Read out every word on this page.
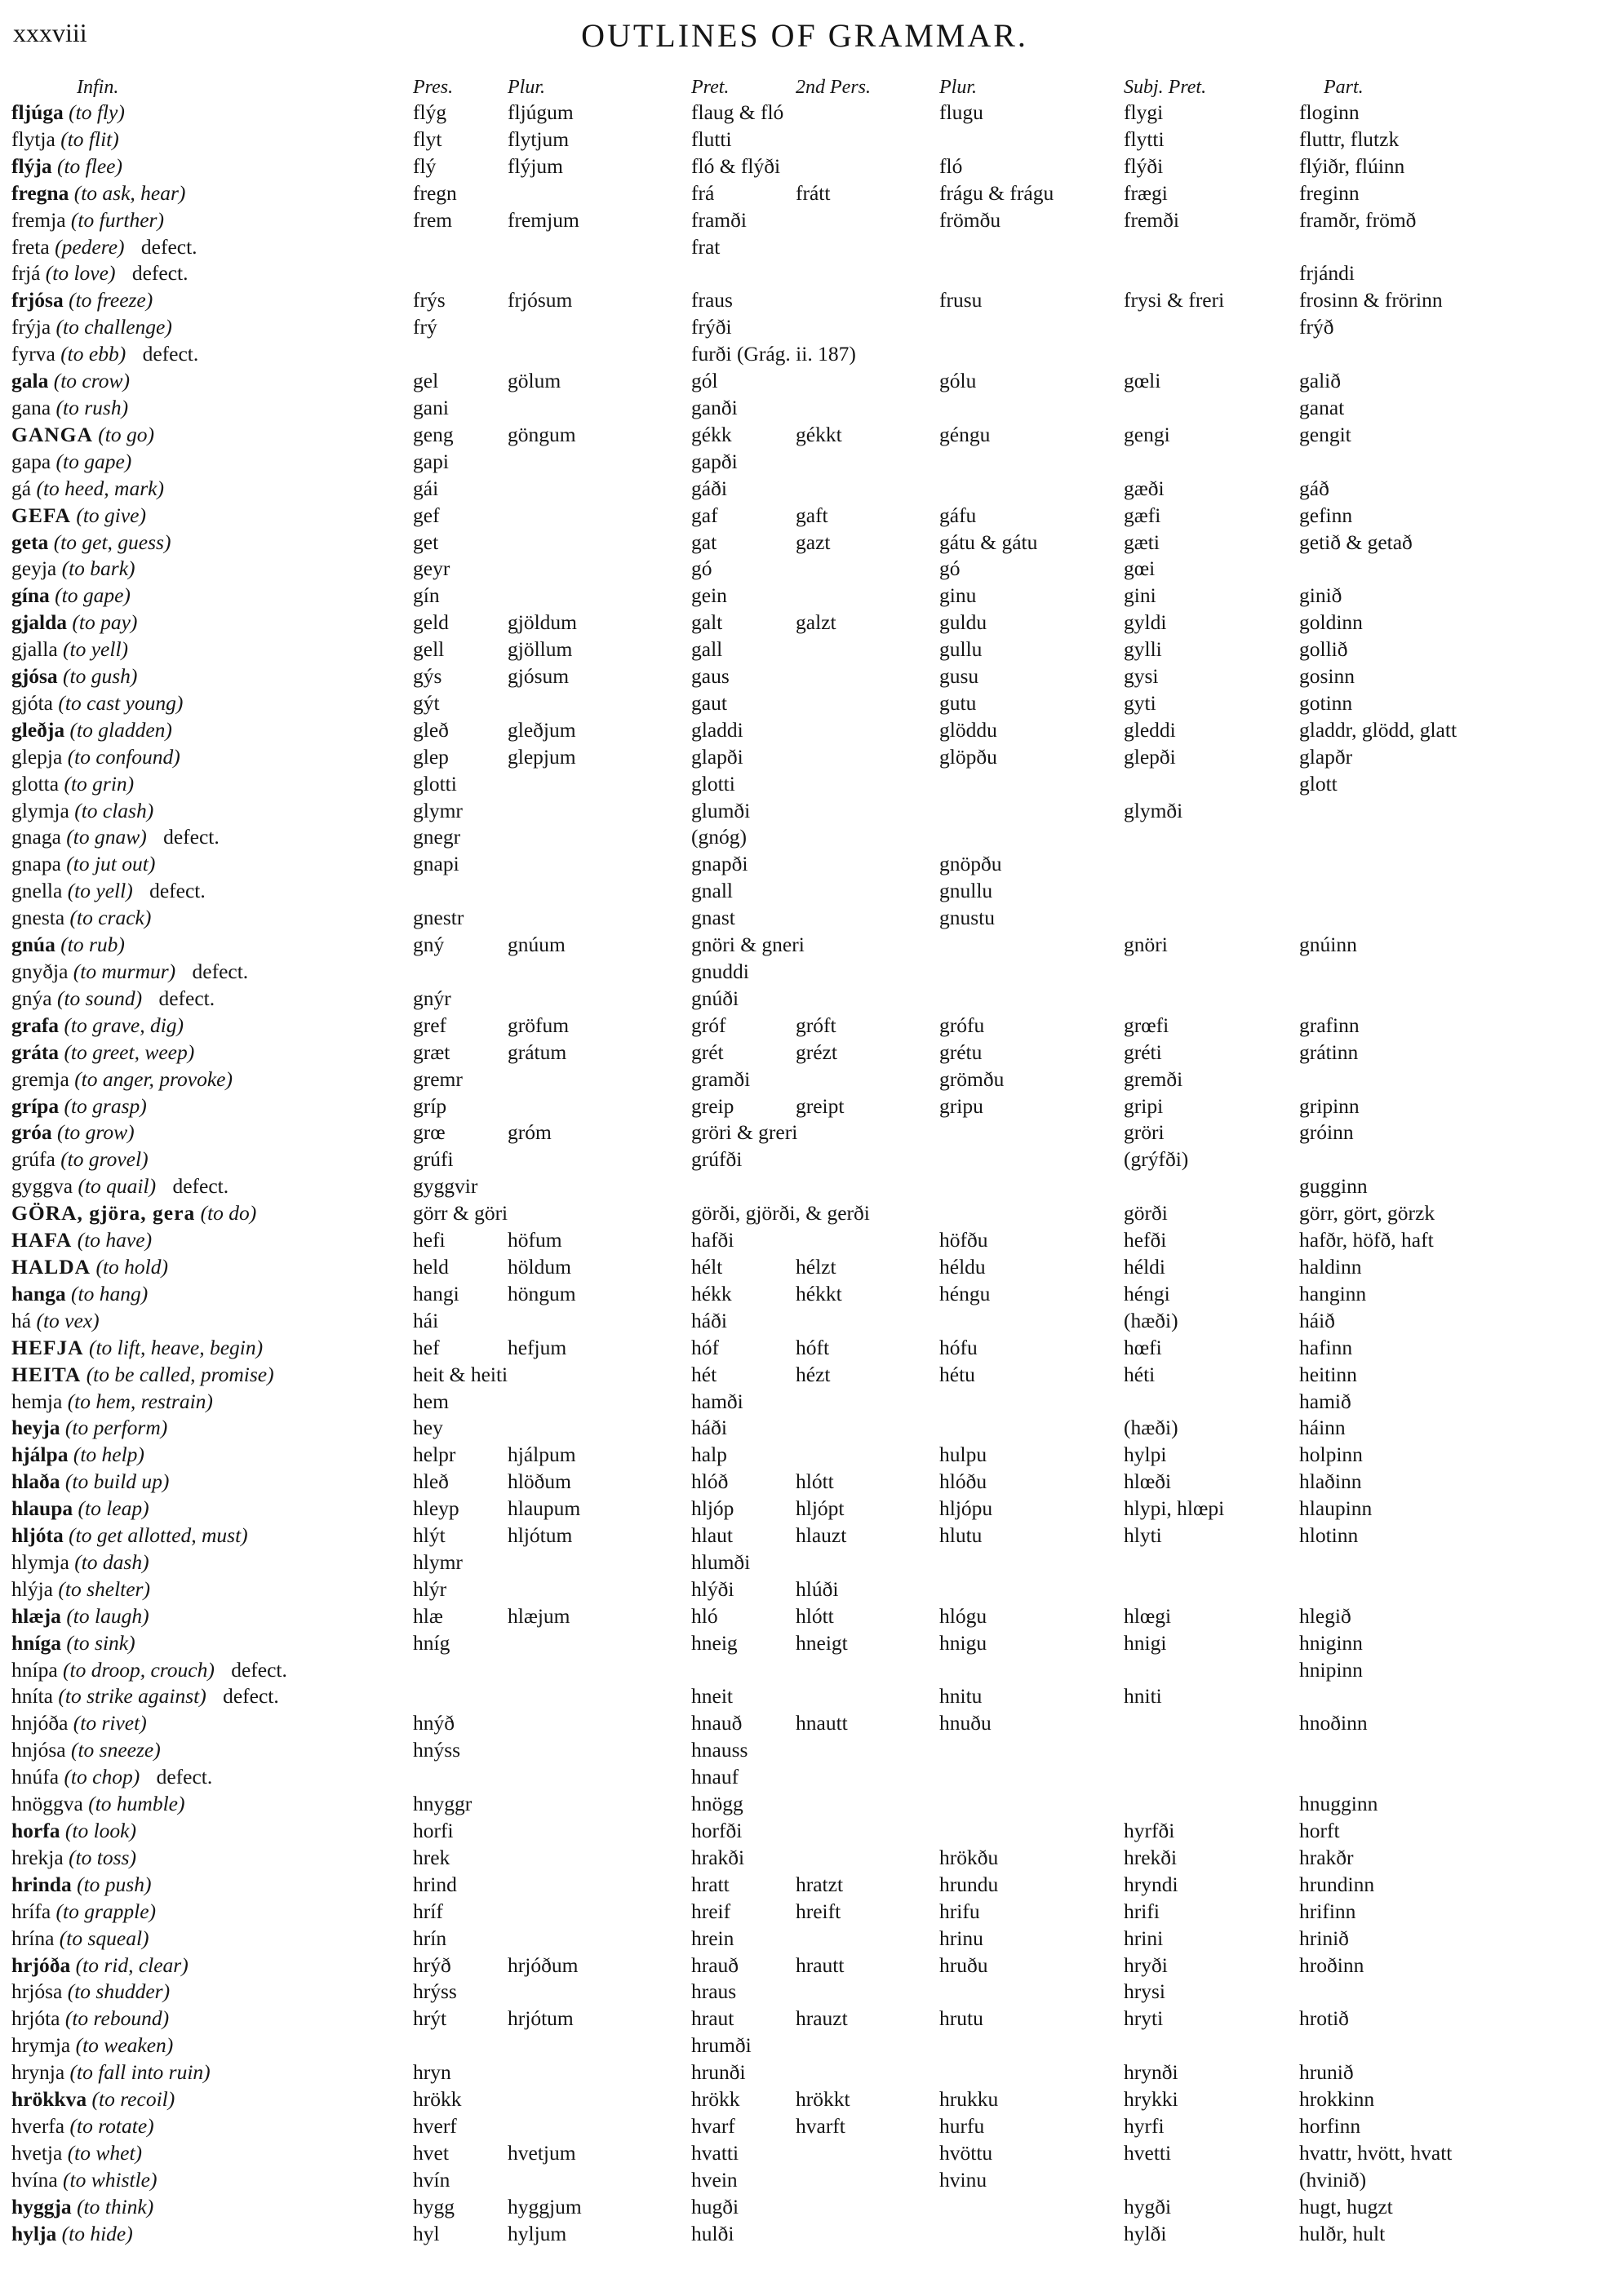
xxxviii	OUTLINES OF GRAMMAR.
Infin.	Pres.	Plur.	Pret.	2nd Pers.	Plur.	Subj. Pret.	Part.
fljúga (to fly)	flýg	fljúgum	flaug & fló		flugu	flygi	floginn
flytja (to flit)	flyt	flytjum	flutti			flytti	fluttr, flutzk
flýja (to flee)	flý	flýjum	fló & flýði		fló	flýði	flýiðr, flúinn
fregna (to ask, hear)	fregn		frá	frátt	frágu & frágu	frægi	freginn
fremja (to further)	frem	fremjum	framði		frömðu	fremði	framðr, frömð
freta (pedere) defect.			frat				
frjá (to love) defect.							frjándi
frjósa (to freeze)	frýs	frjósum	fraus		frusu	frysi & freri	frosinn & frörinn
frýja (to challenge)	frý		frýði				frýð
fyrva (to ebb) defect.			furði (Grág. ii. 187)				
gala (to crow)	gel	gölum	gól		gólu	gœli	galið
gana (to rush)	gani		ganði				ganat
GANGA (to go)	geng	göngum	gékk	gékkt	géngu	gengi	gengit
gapa (to gape)	gapi		gapði				
gá (to heed, mark)	gái		gáði			gæði	gáð
GEFA (to give)	gef		gaf	gaft	gáfu	gæfi	gefinn
geta (to get, guess)	get		gat	gazt	gátu & gátu	gæti	getið & getað
geyja (to bark)	geyr		gó		gó	gœi	
gína (to gape)	gín		gein		ginu	gini	ginið
gjalda (to pay)	geld	gjöldum	galt	galzt	guldu	gyldi	goldinn
gjalla (to yell)	gell	gjöllum	gall		gullu	gylli	gollið
gjósa (to gush)	gýs	gjósum	gaus		gusu	gysi	gosinn
gjóta (to cast young)	gýt		gaut		gutu	gyti	gotinn
gleðja (to gladden)	gleð	gleðjum	gladdi		glöddu	gleddi	gladdr, glödd, glatt
glepja (to confound)	glep	glepjum	glapði		glöpðu	glepði	glapðr
glotta (to grin)	glotti		glotti				glott
glymja (to clash)	glymr		glumði			glymði	
gnaga (to gnaw) defect.	gnegr		(gnóg)				
gnapa (to jut out)	gnapi		gnapði		gnöpðu		
gnella (to yell) defect.			gnall		gnullu		
gnesta (to crack)	gnestr		gnast		gnustu		
gnúa (to rub)	gný	gnúum	gnöri & gneri			gnöri	gnúinn
gnyðja (to murmur) defect.			gnuddi				
gnýa (to sound) defect.	gnýr		gnúði				
grafa (to grave, dig)	gref	gröfum	gróf	gróft	grófu	grœfi	grafinn
gráta (to greet, weep)	græt	grátum	grét	grézt	grétu	gréti	grátinn
gremja (to anger, provoke)	gremr		gramði		grömðu	gremði	
grípa (to grasp)	gríp		greip	greipt	gripu	gripi	gripinn
gróa (to grow)	grœ	gróm	gröri & greri			gröri	gróinn
grúfa (to grovel)	grúfi		grúfði			(grýfði)	
gyggva (to quail) defect.	gyggvir						gugginn
GÖRA, gjöra, gera (to do)	görr & göri		görði, gjörði, & gerði			görði	görr, gört, görzk
HAFA (to have)	hefi	höfum	hafði		höfðu	hefði	hafðr, höfð, haft
HALDA (to hold)	held	höldum	hélt	hélzt	héldu	héldi	haldinn
hanga (to hang)	hangi	höngum	hékk	hékkt	héngu	héngi	hanginn
há (to vex)	hái		háði			(hæði)	háið
HEFJA (to lift, heave, begin)	hef	hefjum	hóf	hóft	hófu	hœfi	hafinn
HEITA (to be called, promise)	heit & heiti		hét	hézt	hétu	héti	heitinn
hemja (to hem, restrain)	hem		hamði				hamið
heyja (to perform)	hey		háði			(hæði)	háinn
hjálpa (to help)	helpr	hjálpum	halp		hulpu	hylpi	holpinn
hlaða (to build up)	hleð	hlöðum	hlóð	hlótt	hlóðu	hlœði	hlaðinn
hlaupa (to leap)	hleyp	hlaupum	hljóp	hljópt	hljópu	hlypi, hlœpi	hlaupinn
hljóta (to get allotted, must)	hlýt	hljótum	hlaut	hlauzt	hlutu	hlyti	hlotinn
hlymja (to dash)	hlymr		hlumði				
hlýja (to shelter)	hlýr		hlýði	hlúði			
hlæja (to laugh)	hlæ	hlæjum	hló	hlótt	hlógu	hlœgi	hlegið
hníga (to sink)	hníg		hneig	hneigt	hnigu	hnigi	hniginn
hnípa (to droop, crouch) defect.							hnipinn
hníta (to strike against) defect.			hneit		hnitu	hniti	
hnjóða (to rivet)	hnýð		hnauð	hnautt	hnuðu		hnoðinn
hnjósa (to sneeze)	hnýss		hnauss				
hnúfa (to chop) defect.			hnauf				
hnöggva (to humble)	hnyggr		hnögg				hnugginn
horfa (to look)	horfi		horfði			hyrfði	horft
hrekja (to toss)	hrek		hrakði		hrökðu	hrekði	hrakðr
hrinda (to push)	hrind		hratt	hratzt	hrundu	hryndi	hrundinn
hrífa (to grapple)	hríf		hreif	hreift	hrifu	hrifi	hrifinn
hrína (to squeal)	hrín		hrein		hrinu	hrini	hrinið
hrjóða (to rid, clear)	hrýð	hrjóðum	hrauð	hrautt	hruðu	hryði	hroðinn
hrjósa (to shudder)	hrýss		hraus			hrysi	
hrjóta (to rebound)	hrýt	hrjótum	hraut	hrauzt	hrutu	hryti	hrotið
hrymja (to weaken)			hrumði				
hrynja (to fall into ruin)	hryn		hrunði			hrynði	hrunið
hrökkva (to recoil)	hrökk		hrökk	hrökkt	hrukku	hrykki	hrokkinn
hverfa (to rotate)	hverf		hvarf	hvarft	hurfu	hyrfi	horfinn
hvetja (to whet)	hvet	hvetjum	hvatti		hvöttu	hvetti	hvattr, hvött, hvatt
hvína (to whistle)	hvín		hvein		hvinu		(hvinið)
hyggja (to think)	hygg	hyggjum	hugði			hygði	hugt, hugzt
hylja (to hide)	hyl	hyljum	hulði			hylði	hulðr, hult
